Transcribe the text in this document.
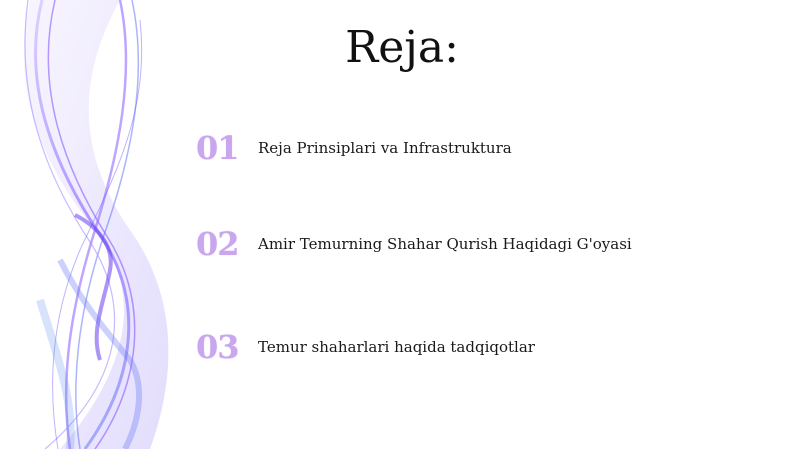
Reja:
01	Reja Prinsiplari va Infrastruktura
02	Amir Temurning Shahar Qurish Haqidagi G'oyasi
03	Temur shaharlari haqida tadqiqotlar
